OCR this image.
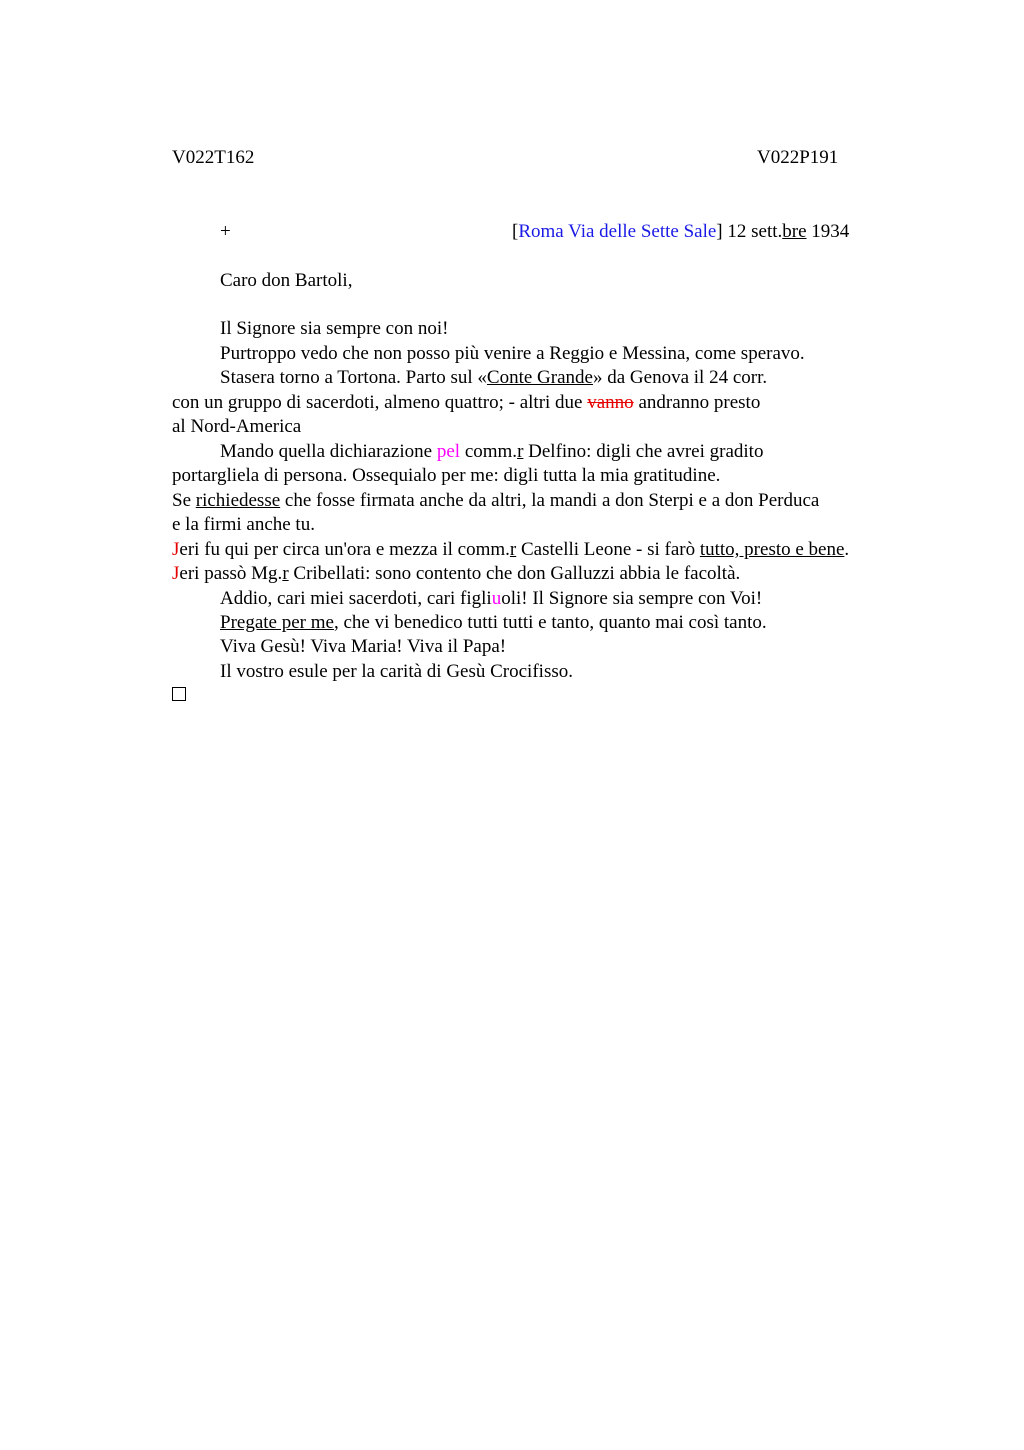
V022T162	V022P191
+	[Roma Via delle Sette Sale] 12 sett.bre 1934
Caro don Bartoli,
Il Signore sia sempre con noi!
Purtroppo vedo che non posso più venire a Reggio e Messina, come speravo.
Stasera torno a Tortona. Parto sul «Conte Grande» da Genova il 24 corr.
con un gruppo di sacerdoti, almeno quattro; - altri due vanno andranno presto
al Nord-America
Mando quella dichiarazione pel comm.r Delfino: digli che avrei gradito
portargliela di persona. Ossequialo per me: digli tutta la mia gratitudine.
Se richiedesse che fosse firmata anche da altri, la mandi a don Sterpi e a don Perduca
e la firmi anche tu.
Jeri fu qui per circa un'ora e mezza il comm.r Castelli Leone - si farò tutto, presto e bene.
Jeri passò Mg.r Cribellati: sono contento che don Galluzzi abbia le facoltà.
Addio, cari miei sacerdoti, cari figliuoli! Il Signore sia sempre con Voi!
Pregate per me, che vi benedico tutti tutti e tanto, quanto mai così tanto.
Viva Gesù! Viva Maria! Viva il Papa!
Il vostro esule per la carità di Gesù Crocifisso.
